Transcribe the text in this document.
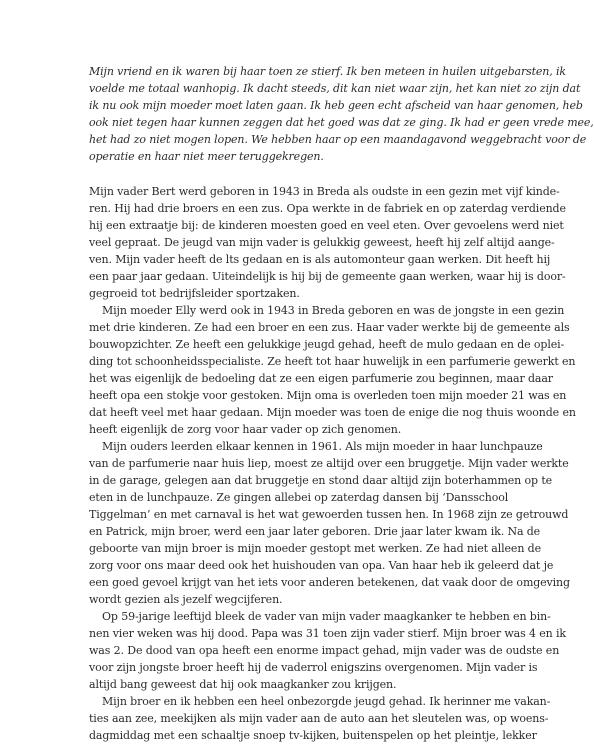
Mijn vriend en ik waren bij haar toen ze stierf. Ik ben meteen in huilen uitgebarsten, ik
voelde me totaal wanhopig. Ik dacht steeds, dit kan niet waar zijn, het kan niet zo zijn dat
ik nu ook mijn moeder moet laten gaan. Ik heb geen echt afscheid van haar genomen, heb
ook niet tegen haar kunnen zeggen dat het goed was dat ze ging. Ik had er geen vrede mee,
het had zo niet mogen lopen. We hebben haar op een maandagavond weggebracht voor de
operatie en haar niet meer teruggekregen.
Mijn vader Bert werd geboren in 1943 in Breda als oudste in een gezin met vijf kinde-
ren. Hij had drie broers en een zus. Opa werkte in de fabriek en op zaterdag verdiende
hij een extraatje bij: de kinderen moesten goed en veel eten. Over gevoelens werd niet
veel gepraat. De jeugd van mijn vader is gelukkig geweest, heeft hij zelf altijd aange-
ven. Mijn vader heeft de lts gedaan en is als automonteur gaan werken. Dit heeft hij
een paar jaar gedaan. Uiteindelijk is hij bij de gemeente gaan werken, waar hij is door-
gegroeid tot bedrijfsleider sportzaken.
Mijn moeder Elly werd ook in 1943 in Breda geboren en was de jongste in een gezin
met drie kinderen. Ze had een broer en een zus. Haar vader werkte bij de gemeente als
bouwopzichter. Ze heeft een gelukkige jeugd gehad, heeft de mulo gedaan en de oplei-
ding tot schoonheidsspecialiste. Ze heeft tot haar huwelijk in een parfumerie gewerkt en
het was eigenlijk de bedoeling dat ze een eigen parfumerie zou beginnen, maar daar
heeft opa een stokje voor gestoken. Mijn oma is overleden toen mijn moeder 21 was en
dat heeft veel met haar gedaan. Mijn moeder was toen de enige die nog thuis woonde en
heeft eigenlijk de zorg voor haar vader op zich genomen.
Mijn ouders leerden elkaar kennen in 1961. Als mijn moeder in haar lunchpauze
van de parfumerie naar huis liep, moest ze altijd over een bruggetje. Mijn vader werkte
in de garage, gelegen aan dat bruggetje en stond daar altijd zijn boterhammen op te
eten in de lunchpauze. Ze gingen allebei op zaterdag dansen bij ‘Dansschool
Tiggelman’ en met carnaval is het wat gewoerden tussen hen. In 1968 zijn ze getrouwd
en Patrick, mijn broer, werd een jaar later geboren. Drie jaar later kwam ik. Na de
geboorte van mijn broer is mijn moeder gestopt met werken. Ze had niet alleen de
zorg voor ons maar deed ook het huishouden van opa. Van haar heb ik geleerd dat je
een goed gevoel krijgt van het iets voor anderen betekenen, dat vaak door de omgeving
wordt gezien als jezelf wegcijferen.
Op 59-jarige leeftijd bleek de vader van mijn vader maagkanker te hebben en bin-
nen vier weken was hij dood. Papa was 31 toen zijn vader stierf. Mijn broer was 4 en ik
was 2. De dood van opa heeft een enorme impact gehad, mijn vader was de oudste en
voor zijn jongste broer heeft hij de vaderrol enigszins overgenomen. Mijn vader is
altijd bang geweest dat hij ook maagkanker zou krijgen.
Mijn broer en ik hebben een heel onbezorgde jeugd gehad. Ik herinner me vakan-
ties aan zee, meekijken als mijn vader aan de auto aan het sleutelen was, op woens-
dagmiddag met een schaaltje snoep tv-kijken, buitenspelen op het pleintje, lekker
